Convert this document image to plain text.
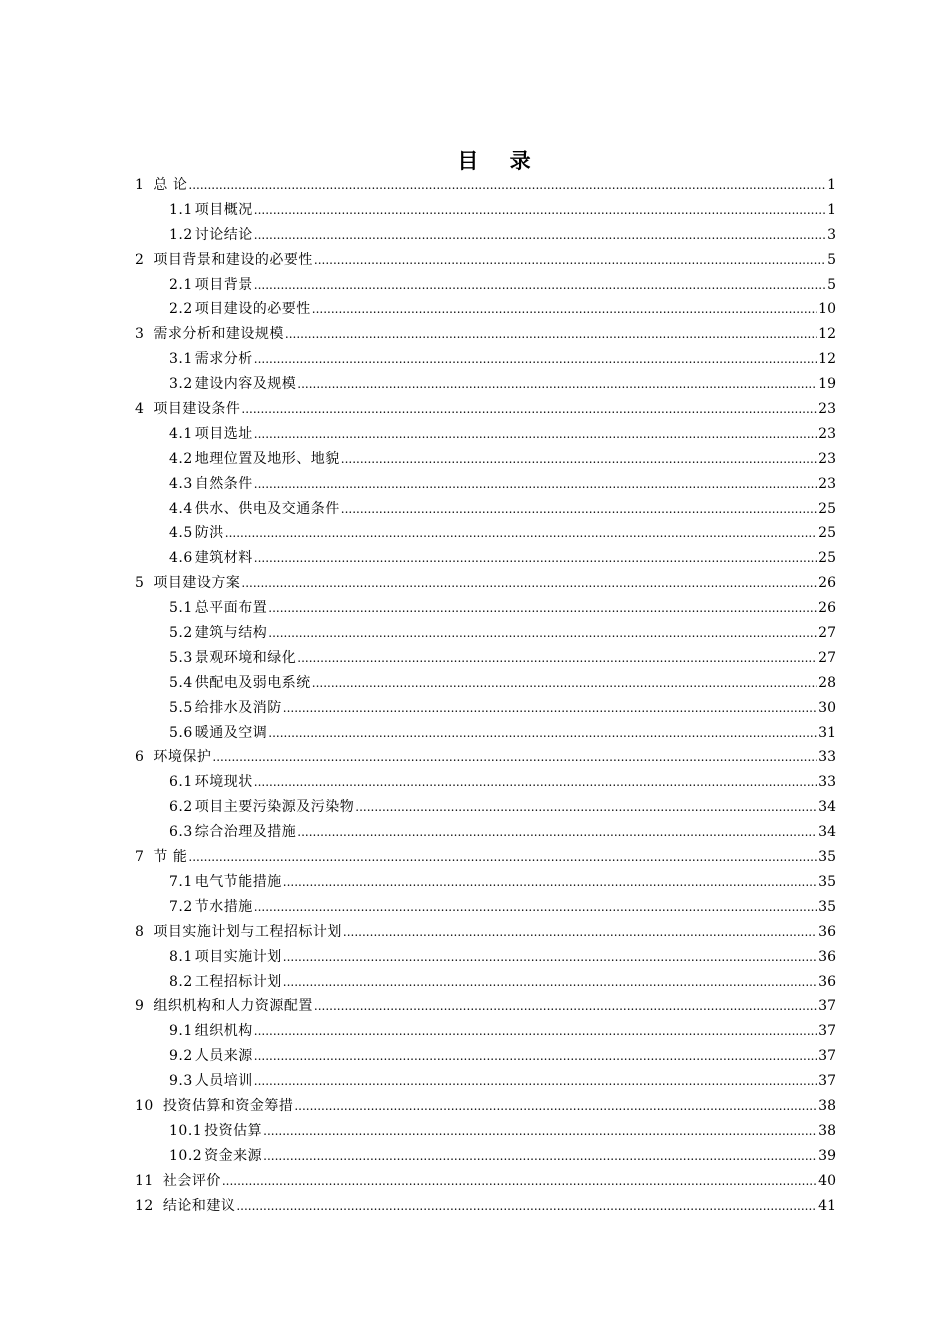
目 录
1 总 论 .....	1
1.1 项目概况 .....	1
1.2 讨论结论 .....	3
2 项目背景和建设的必要性 .....	5
2.1 项目背景 .....	5
2.2 项目建设的必要性 .....	10
3 需求分析和建设规模 .....	12
3.1 需求分析 .....	12
3.2 建设内容及规模 .....	19
4 项目建设条件 .....	23
4.1 项目选址 .....	23
4.2 地理位置及地形、地貌 .....	23
4.3 自然条件 .....	23
4.4 供水、供电及交通条件 .....	25
4.5 防洪 .....	25
4.6 建筑材料 .....	25
5 项目建设方案 .....	26
5.1 总平面布置 .....	26
5.2 建筑与结构 .....	27
5.3 景观环境和绿化 .....	27
5.4 供配电及弱电系统 .....	28
5.5 给排水及消防 .....	30
5.6 暖通及空调 .....	31
6 环境保护 .....	33
6.1 环境现状 .....	33
6.2 项目主要污染源及污染物 .....	34
6.3 综合治理及措施 .....	34
7 节 能 .....	35
7.1 电气节能措施 .....	35
7.2 节水措施 .....	35
8 项目实施计划与工程招标计划 .....	36
8.1 项目实施计划 .....	36
8.2 工程招标计划 .....	36
9 组织机构和人力资源配置 .....	37
9.1 组织机构 .....	37
9.2 人员来源 .....	37
9.3 人员培训 .....	37
10 投资估算和资金筹措 .....	38
10.1 投资估算 .....	38
10.2 资金来源 .....	39
11 社会评价 .....	40
12 结论和建议 .....	41
